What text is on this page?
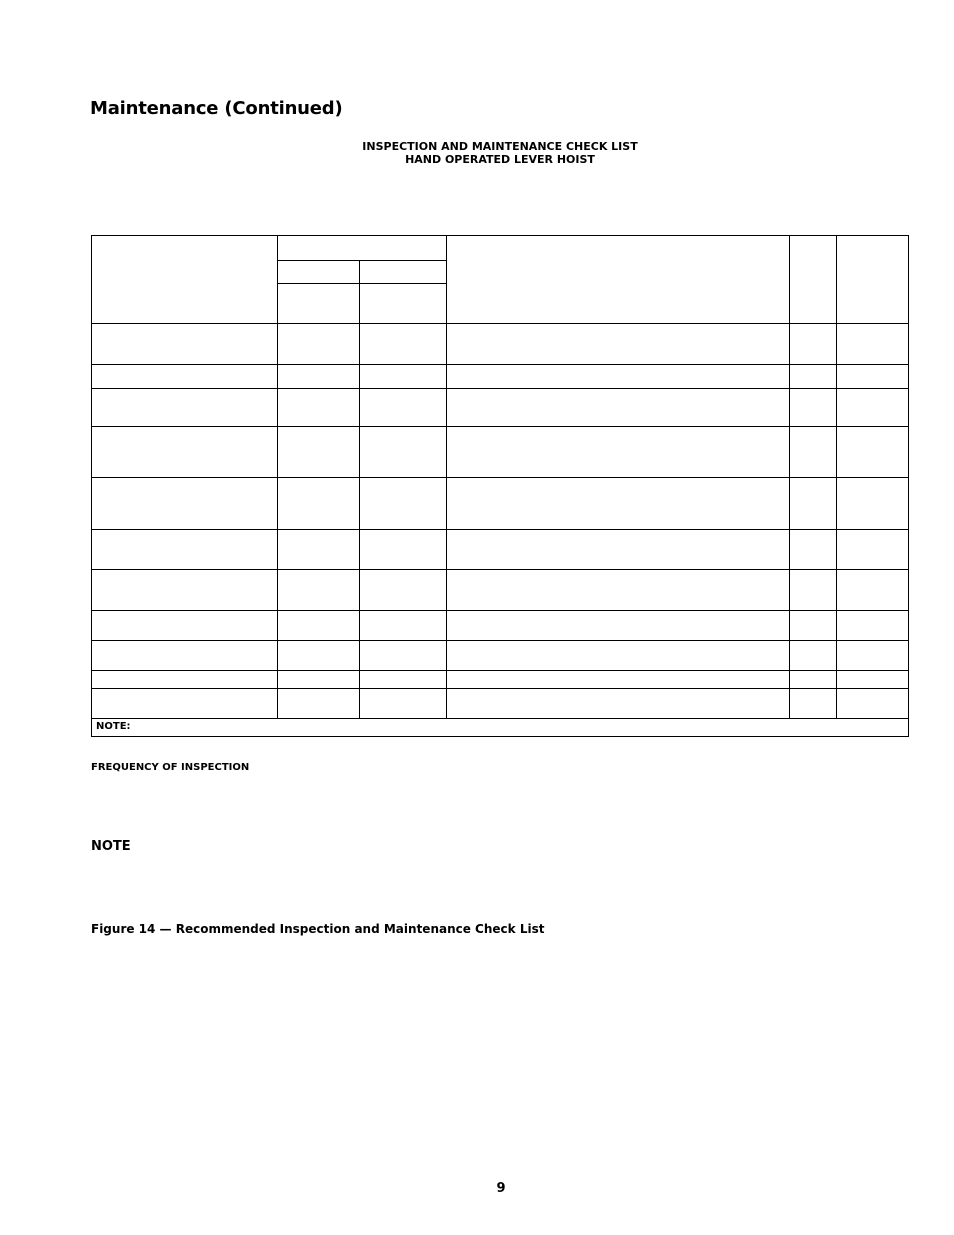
Maintenance (Continued)
INSPECTION AND MAINTENANCE CHECK LIST
HAND OPERATED LEVER HOIST
NOTE:
FREQUENCY OF INSPECTION
NOTE
Figure 14 — Recommended Inspection and Maintenance Check List
9
